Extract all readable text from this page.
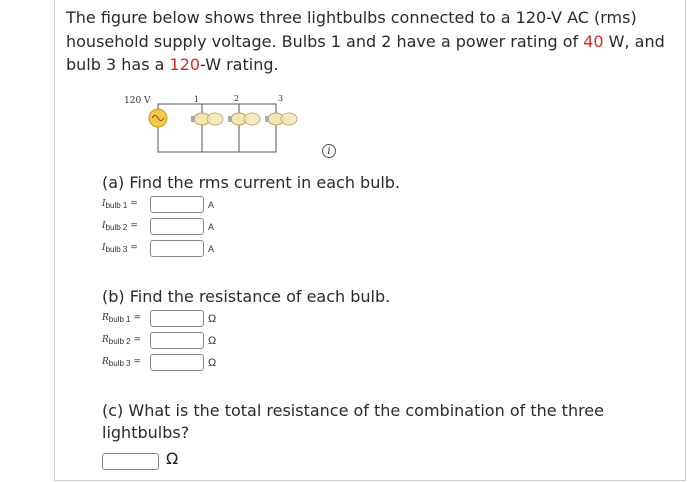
The figure below shows three lightbulbs connected to a 120-V AC (rms) household supply voltage. Bulbs 1 and 2 have a power rating of 40 W, and bulb 3 has a 120-W rating.
120 V	1	2	3
i
(a) Find the rms current in each bulb.
$I_{bulb 1}$ =	A
$I_{bulb 2}$ =	A
$I_{bulb 3}$ =	A
(b) Find the resistance of each bulb.
$R_{bulb 1}$ =	Ω
$R_{bulb 2}$ =	Ω
$R_{bulb 3}$ =	Ω
(c) What is the total resistance of the combination of the three lightbulbs?
Ω
